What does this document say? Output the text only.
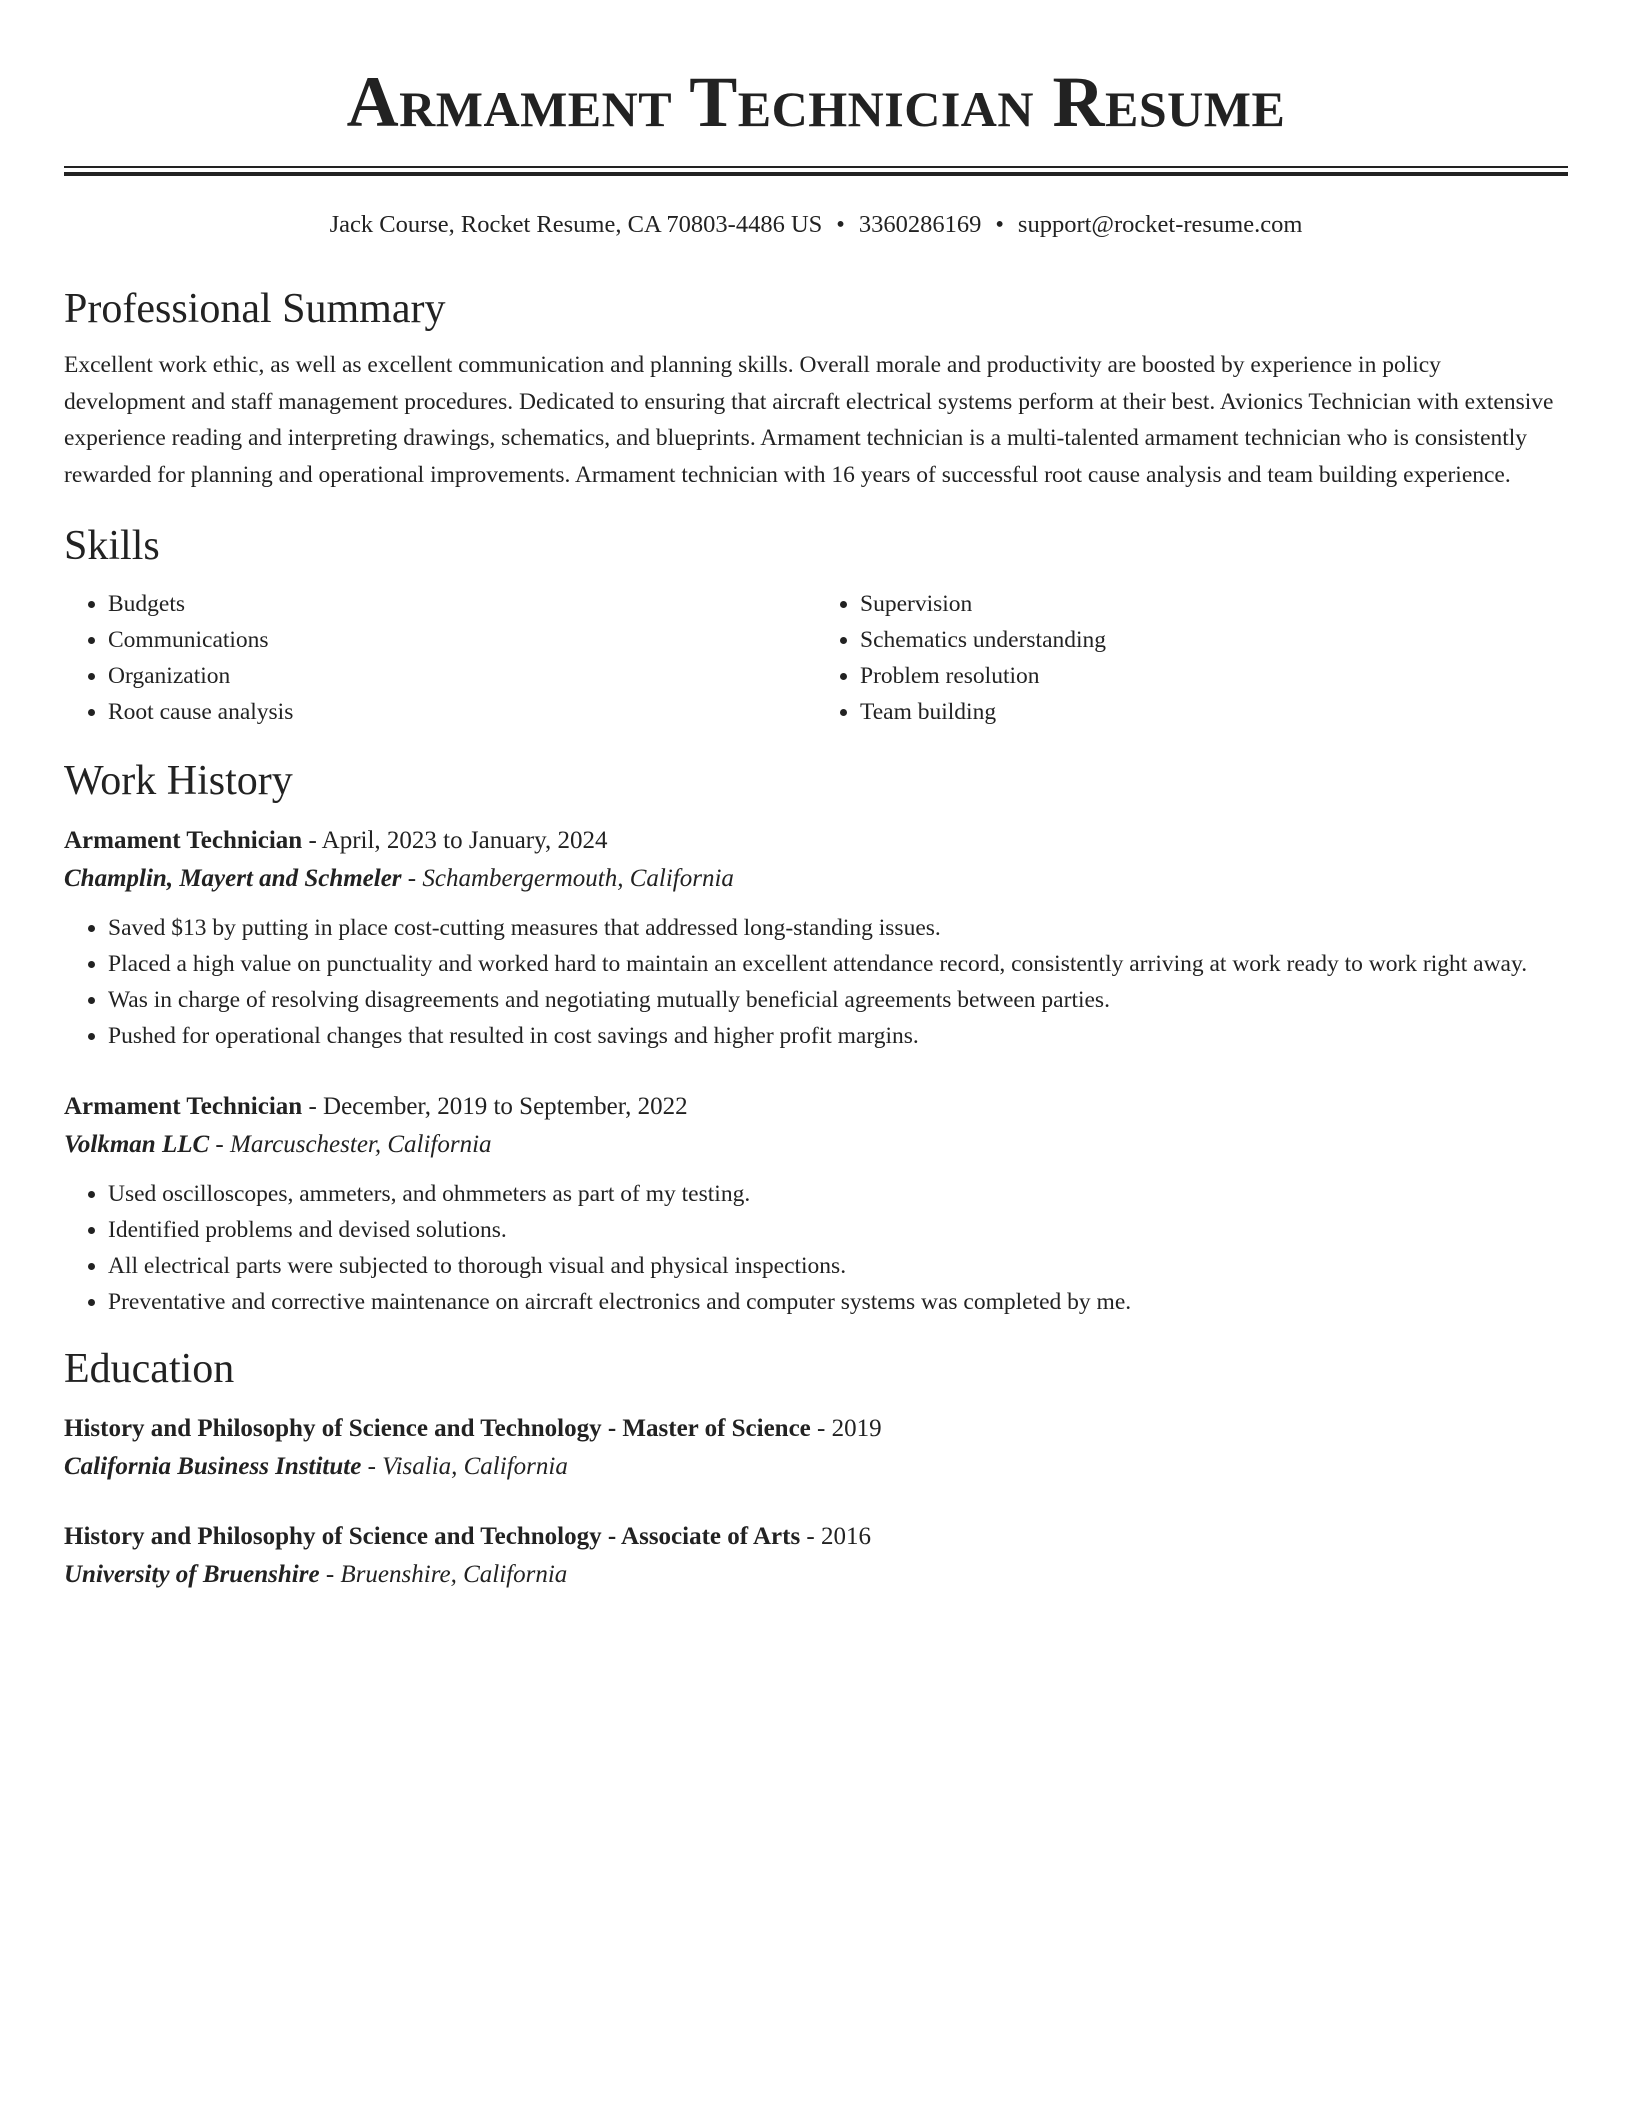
Armament Technician Resume
Jack Course, Rocket Resume, CA 70803-4486 US • 3360286169 • support@rocket-resume.com
Professional Summary

Excellent work ethic, as well as excellent communication and planning skills. Overall morale and productivity are boosted by experience in policy development and staff management procedures. Dedicated to ensuring that aircraft electrical systems perform at their best. Avionics Technician with extensive experience reading and interpreting drawings, schematics, and blueprints. Armament technician is a multi-talented armament technician who is consistently rewarded for planning and operational improvements. Armament technician with 16 years of successful root cause analysis and team building experience.

Skills
• Budgets
• Communications
• Organization
• Root cause analysis
• Supervision
• Schematics understanding
• Problem resolution
• Team building
Work History
Armament Technician - April, 2023 to January, 2024
Champlin, Mayert and Schmeler - Schambergermouth, California
• Saved $13 by putting in place cost-cutting measures that addressed long-standing issues.
• Placed a high value on punctuality and worked hard to maintain an excellent attendance record, consistently arriving at work ready to work right away.
• Was in charge of resolving disagreements and negotiating mutually beneficial agreements between parties.
• Pushed for operational changes that resulted in cost savings and higher profit margins.
Armament Technician - December, 2019 to September, 2022
Volkman LLC - Marcuschester, California
• Used oscilloscopes, ammeters, and ohmmeters as part of my testing.
• Identified problems and devised solutions.
• All electrical parts were subjected to thorough visual and physical inspections.
• Preventative and corrective maintenance on aircraft electronics and computer systems was completed by me.
Education
History and Philosophy of Science and Technology - Master of Science - 2019
California Business Institute - Visalia, California
History and Philosophy of Science and Technology - Associate of Arts - 2016
University of Bruenshire - Bruenshire, California
